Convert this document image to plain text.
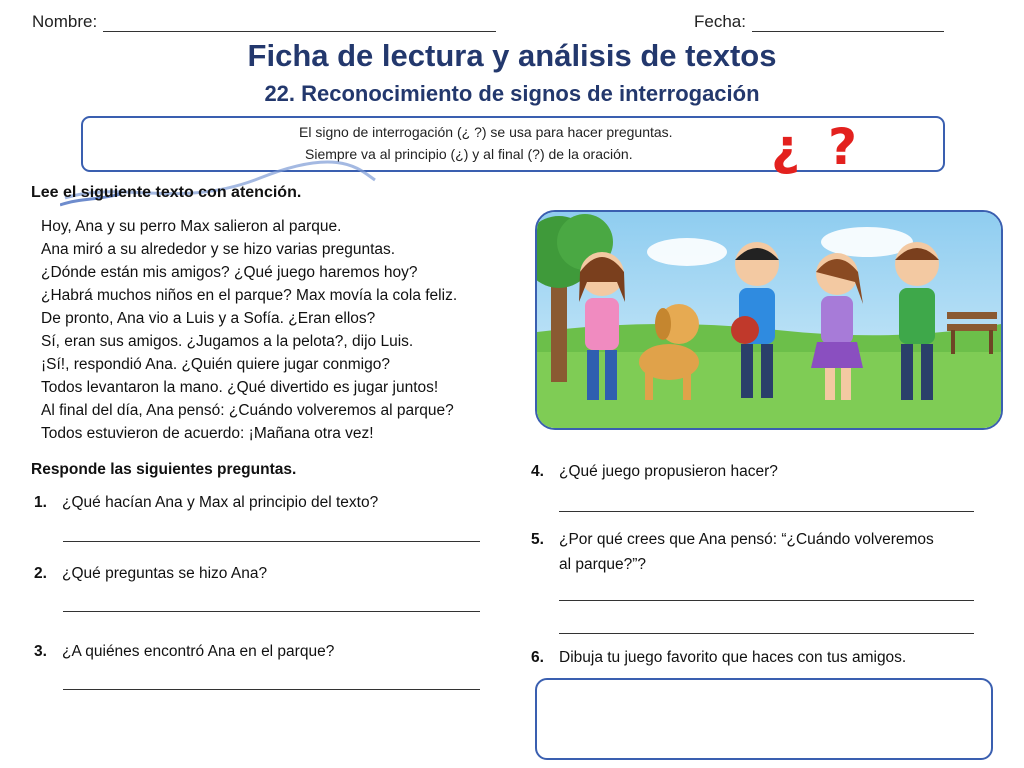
Nombre:	Fecha:
Ficha de lectura y análisis de textos
22. Reconocimiento de signos de interrogación
El signo de interrogación (¿ ?) se usa para hacer preguntas.
Siempre va al principio (¿) y al final (?) de la oración.	¿?
Lee el siguiente texto con atención.
Hoy, Ana y su perro Max salieron al parque.
Ana miró a su alrededor y se hizo varias preguntas.
¿Dónde están mis amigos? ¿Qué juego haremos hoy?
¿Habrá muchos niños en el parque? Max movía la cola feliz.
De pronto, Ana vio a Luis y a Sofía. ¿Eran ellos?
Sí, eran sus amigos. ¿Jugamos a la pelota?, dijo Luis.
¡Sí!, respondió Ana. ¿Quién quiere jugar conmigo?
Todos levantaron la mano. ¿Qué divertido es jugar juntos!
Al final del día, Ana pensó: ¿Cuándo volveremos al parque?
Todos estuvieron de acuerdo: ¡Mañana otra vez!
Responde las siguientes preguntas.
1. ¿Qué hacían Ana y Max al principio del texto?
2. ¿Qué preguntas se hizo Ana?
3. ¿A quiénes encontró Ana en el parque?
4. ¿Qué juego propusieron hacer?
5. ¿Por qué crees que Ana pensó: “¿Cuándo volveremos
al parque?”?
6. Dibuja tu juego favorito que haces con tus amigos.
